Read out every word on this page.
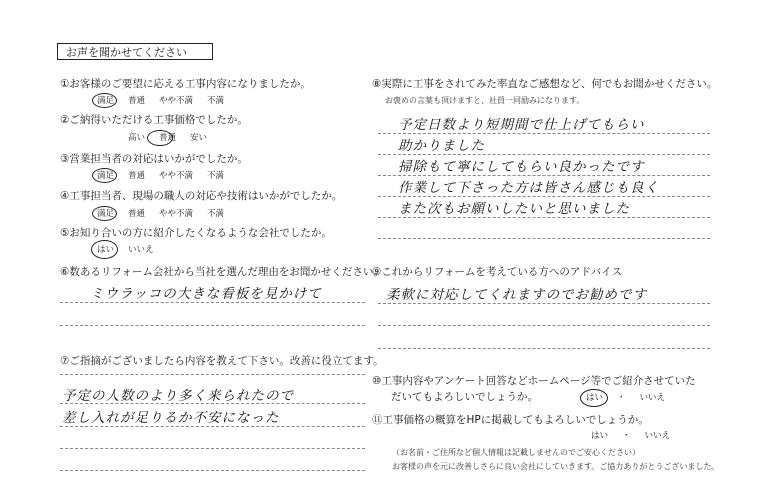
お声を聞かせてください
①お客様のご要望に応える工事内容になりましたか。
満足 普通 やや不満 不満
②ご納得いただける工事価格でしたか。
高い 普通 安い
③営業担当者の対応はいかがでしたか。
満足 普通 やや不満 不満
④工事担当者、現場の職人の対応や技術はいかがでしたか。
満足 普通 やや不満 不満
⑤お知り合いの方に紹介したくなるような会社でしたか。
はい いいえ
⑥数あるリフォーム会社から当社を選んだ理由をお聞かせください。
ミウラッコの大きな看板を見かけて
⑦ご指摘がございましたら内容を教えて下さい。改善に役立てます。
予定の人数のより多く来られたので
差し入れが足りるか不安になった
⑧実際に工事をされてみた率直なご感想など、何でもお聞かせください。
お褒めの言葉も頂けますと、社員一同励みになります。
予定日数より短期間で仕上げてもらい
助かりました
掃除もて寧にしてもらい良かったです
作業して下さった方は皆さん感じも良く
また次もお願いしたいと思いました
⑨これからリフォームを考えている方へのアドバイス
柔軟に対応してくれますのでお勧めです
⑩工事内容やアンケート回答などホームページ等でご紹介させていた
だいてもよろしいでしょうか。	はい ・ いいえ
⑪工事価格の概算をHPに掲載してもよろしいでしょうか。
はい ・ いいえ
（お名前・ご住所など個人情報は記載しませんのでご安心ください）
お客様の声を元に改善しさらに良い会社にしていきます。ご協力ありがとうございました。
